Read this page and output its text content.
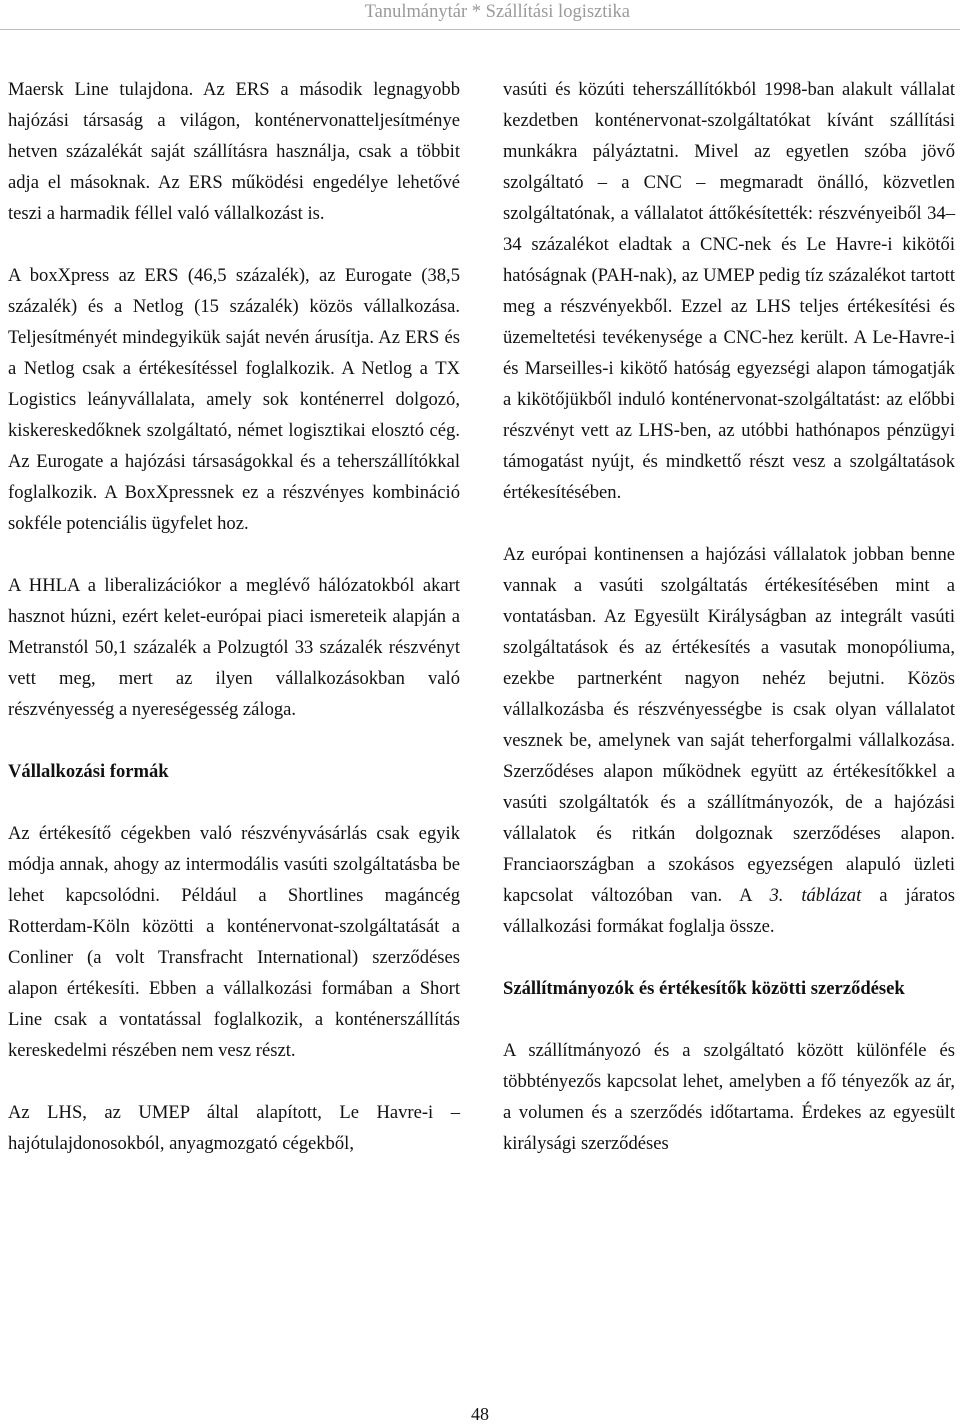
Tanulmánytár * Szállítási logisztika

Maersk Line tulajdona. Az ERS a második legnagyobb hajózási társaság a világon, konténervonatteljesítménye hetven százalékát saját szállításra használja, csak a többit adja el másoknak. Az ERS működési engedélye lehetővé teszi a harmadik féllel való vállalkozást is.

A boxXpress az ERS (46,5 százalék), az Eurogate (38,5 százalék) és a Netlog (15 százalék) közös vállalkozása. Teljesítményét mindegyikük saját nevén árusítja. Az ERS és a Netlog csak a értékesítéssel foglalkozik. A Netlog a TX Logistics leányvállalata, amely sok konténerrel dolgozó, kiskereskedőknek szolgáltató, német logisztikai elosztó cég. Az Eurogate a hajózási társaságokkal és a teherszállítókkal foglalkozik. A BoxXpressnek ez a részvényes kombináció sokféle potenciális ügyfelet hoz.

A HHLA a liberalizációkor a meglévő hálózatokból akart hasznot húzni, ezért kelet-európai piaci ismereteik alapján a Metranstól 50,1 százalék a Polzugtól 33 százalék részvényt vett meg, mert az ilyen vállalkozásokban való részvényesség a nyereségesség záloga.

Vállalkozási formák

Az értékesítő cégekben való részvényvásárlás csak egyik módja annak, ahogy az intermodális vasúti szolgáltatásba be lehet kapcsolódni. Például a Shortlines magáncég Rotterdam-Köln közötti a konténervonat-szolgáltatását a Conliner (a volt Transfracht International) szerződéses alapon értékesíti. Ebben a vállalkozási formában a Short Line csak a vontatással foglalkozik, a konténerszállítás kereskedelmi részében nem vesz részt.

Az LHS, az UMEP által alapított, Le Havre-i – hajótulajdonosokból, anyagmozgató cégekből,

vasúti és közúti teherszállítókból 1998-ban alakult vállalat kezdetben konténervonat-szolgáltatókat kívánt szállítási munkákra pályáztatni. Mivel az egyetlen szóba jövő szolgáltató – a CNC – megmaradt önálló, közvetlen szolgáltatónak, a vállalatot áttőkésítették: részvényeiből 34–34 százalékot eladtak a CNC-nek és Le Havre-i kikötői hatóságnak (PAH-nak), az UMEP pedig tíz százalékot tartott meg a részvényekből. Ezzel az LHS teljes értékesítési és üzemeltetési tevékenysége a CNC-hez került. A Le-Havre-i és Marseilles-i kikötő hatóság egyezségi alapon támogatják a kikötőjükből induló konténervonat-szolgáltatást: az előbbi részvényt vett az LHS-ben, az utóbbi hathónapos pénzügyi támogatást nyújt, és mindkettő részt vesz a szolgáltatások értékesítésében.

Az európai kontinensen a hajózási vállalatok jobban benne vannak a vasúti szolgáltatás értékesítésében mint a vontatásban. Az Egyesült Királyságban az integrált vasúti szolgáltatások és az értékesítés a vasutak monopóliuma, ezekbe partnerként nagyon nehéz bejutni. Közös vállalkozásba és részvényességbe is csak olyan vállalatot vesznek be, amelynek van saját teherforgalmi vállalkozása. Szerződéses alapon működnek együtt az értékesítőkkel a vasúti szolgáltatók és a szállítmányozók, de a hajózási vállalatok és ritkán dolgoznak szerződéses alapon. Franciaországban a szokásos egyezségen alapuló üzleti kapcsolat változóban van. A 3. táblázat a járatos vállalkozási formákat foglalja össze.

Szállítmányozók és értékesítők közötti szerződések

A szállítmányozó és a szolgáltató között különféle és többtényezős kapcsolat lehet, amelyben a fő tényezők az ár, a volumen és a szerződés időtartama. Érdekes az egyesült királysági szerződéses

48
